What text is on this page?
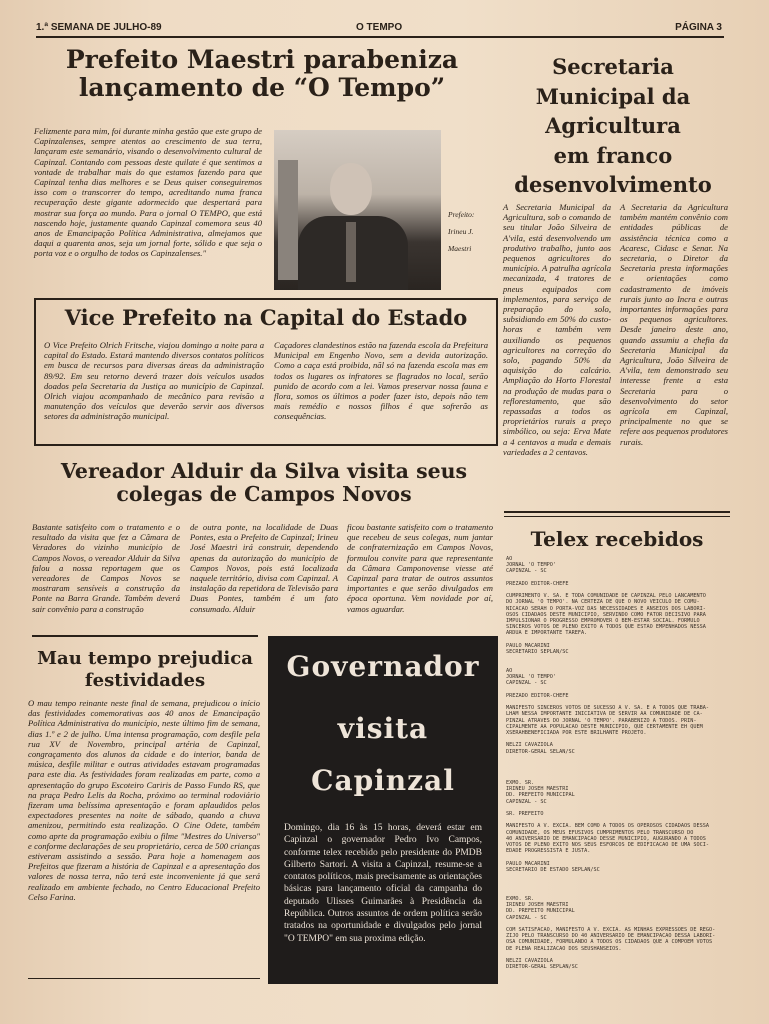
1.ª SEMANA DE JULHO-89	O TEMPO	PÁGINA 3
Prefeito Maestri parabeniza
lançamento de “O Tempo”
Felizmente para mim, foi durante minha gestão que este grupo de Capinzalenses, sempre atentos ao crescimento de sua terra, lançaram este semanário, visando o desenvolvimento cultural de Capinzal. Contando com pessoas deste quilate é que sentimos a vontade de trabalhar mais do que estamos fazendo para que Capinzal tenha dias melhores e se Deus quiser conseguiremos isso com o transcorrer do tempo, acreditando numa franca recuperação deste gigante adormecido que despertará para mostrar sua força ao mundo. Para o jornal O TEMPO, que está nascendo hoje, justamente quando Capinzal comemora seus 40 anos de Emancipação Política Administrativa, almejamos que daqui a quarenta anos, seja um jornal forte, sólido e que seja o porta voz e o orgulho de todos os Capinzalenses."
Prefeito:
Irineu J.
Maestri
Vice Prefeito na Capital do Estado
O Vice Prefeito Olrich Fritsche, viajou domingo a noite para a capital do Estado. Estará mantendo diversos contatos políticos em busca de recursos para diversas áreas da administração 89/92. Em seu retorno deverá trazer dois veículos usados doados pela Secretaria da Justiça ao município de Capinzal. Olrich viajou acompanhado de mecânico para revisão a manutenção dos veículos que deverão servir aos diversos setores da administração municipal.
Caçadores clandestinos estão na fazenda escola da Prefeitura Municipal em Engenho Novo, sem a devida autorização. Como a caça está proibida, nãl só na fazenda escola mas em todos os lugares os infratores se flagrados no local, serão punido de acordo com a lei. Vamos preservar nossa fauna e flora, somos os últimos a poder fazer isto, depois não tem mais remédio e nossos filhos é que sofrerão as consequências.
Secretaria
Municipal da
Agricultura
em franco
desenvolvimento
A Secretaria Municipal da Agricultura, sob o comando de seu titular João Silveira de A'vila, está desenvolvendo um produtivo trabalho, junto aos pequenos agricultores do município. A patrulha agrícola mecanizada, 4 tratores de pneus equipados com implementos, para serviço de preparação do solo, subsidiando em 50% do custo-horas e também vem auxiliando os pequenos agricultores na correção do solo, pagando 50% da aquisição do calcário. Ampliação do Horto Florestal na produção de mudas para o reflorestamento, que são repassadas a todos os proprietários rurais a preço simbólico, ou seja: Erva Mate a 4 centavos a muda e demais variedades a 2 centavos.
A Secretaria da Agricultura também mantém convênio com entidades públicas de assistência técnica como a Acaresc, Cidasc e Senar. Na secretaria, o Diretor da Secretaria presta informações e orientações como cadastramento de imóveis rurais junto ao Incra e outras importantes informações para os pequenos agricultores. Desde janeiro deste ano, quando assumiu a chefia da Secretaria Municipal da Agricultura, João Silveira de A'vila, tem demonstrado seu interesse frente a esta Secretaria para o desenvolvimento do setor agrícola em Capinzal, principalmente no que se refere aos pequenos produtores rurais.
Vereador Alduir da Silva visita seus
colegas de Campos Novos
Bastante satisfeito com o tratamento e o resultado da visita que fez a Câmara de Veradores do vizinho município de Campos Novos, o vereador Alduir da Silva falou a nossa reportagem que os vereadores de Campos Novos se mostraram sensíveis a construção da Ponte na Barra Grande. Também deverá sair convênio para a construção
de outra ponte, na localidade de Duas Pontes, esta o Prefeito de Capinzal; Irineu José Maestri irá construir, dependendo apenas da autorização do município de Campos Novos, pois está localizada naquele território, divisa com Capinzal. A instalação da repetidora de Televisão para Duas Pontes, também é um fato consumado. Alduir
ficou bastante satisfeito com o tratamento que recebeu de seus colegas, num jantar de confraternização em Campos Novos, formulou convite para que representante da Câmara Camponovense viesse até Capinzal para tratar de outros assuntos importantes e que serão divulgados em época oportuna. Vem novidade por aí, vamos aguardar.
Mau tempo prejudica
festividades
O mau tempo reinante neste final de semana, prejudicou o início das festividades comemorativas aos 40 anos de Emancipação Política Administrativa do município, neste último fim de semana, dias 1.º e 2 de julho. Uma intensa programação, com desfile pela rua XV de Novembro, principal artéria de Capinzal, congraçamento dos alunos da cidade e do interior, banda de música, desfile militar e outras atividades estavam programadas para este dia. As festividades foram realizadas em parte, como a apresentação do grupo Escoteiro Cariris de Passo Fundo RS, que na praça Pedro Lelis da Rocha, próximo ao terminal rodoviário fizeram uma belíssima apresentação e foram aplaudidos pelos expectadores presentes na noite de sábado, quando a chuva amenizou, permitindo esta realização. O Cine Odete, também como aprte da programação exibiu o filme "Mestres do Universo" e conforme declarações de seu proprietário, cerca de 500 crianças estiveram assistindo a sessão. Para hoje a homenagem aos Prefeitos que fizeram a história de Capinzal e a apresentação dos valores de nossa terra, não terá este inconveniente já que será realizado em ambiente fechado, no Centro Educacional Prefeito Celso Farina.
Governador
visita
Capinzal
Domingo, dia 16 às 15 horas, deverá estar em Capinzal o governador Pedro Ivo Campos, conforme telex recebido pelo presidente do PMDB Gilberto Sartori. A visita a Capinzal, resume-se a contatos políticos, mais precisamente as orientações básicas para lançamento oficial da campanha do deputado Ulisses Guimarães à Presidência da República. Outros assuntos de ordem política serão tratados na oportunidade e divulgados pelo jornal "O TEMPO" em sua proxima edição.
Telex recebidos
AO
JORNAL 'O TEMPO'
CAPINZAL - SC

PREZADO EDITOR-CHEFE

CUMPRIMENTO V. SA. E TODA COMUNIDADE DE CAPINZAL PELO LANCAMENTO
DO JORNAL 'O TEMPO'. NA CERTEZA DE QUE O NOVO VEICULO DE COMU-
NICACAO SERAH O PORTA-VOZ DAS NECESSIDADES E ANSEIOS DOS LABORI-
OSOS CIDADAOS DESTE MUNICIPIO, SERVINDO COMO FATOR DECISIVO PARA
IMPULSIONAR O PROGRESSO EMPROMOVER O BEM-ESTAR SOCIAL. FORMULO
SINCEROS VOTOS DE PLENO EXITO A TODOS QUE ESTAO EMPENHADOS NESSA
ARDUA E IMPORTANTE TAREFA.

PAULO MACARINI
SECRETARIO SEPLAN/SC
AO
JORNAL 'O TEMPO'
CAPINZAL - SC

PREZADO EDITOR-CHEFE

MANIFESTO SINCEROS VOTOS DE SUCESSO A V. SA. E A TODOS QUE TRABA-
LHAM NESSA IMPORTANTE INICIATIVA DE SERVIR AA COMUNIDADE DE CA-
PINZAL ATRAVES DO JORNAL 'O TEMPO'. PARABENIZO A TODOS. PRIN-
CIPALMENTE AA POPULACAO DESTE MUNICIPIO, QUE CERTAMENTE EH QUEM
XSERAHBENEFICIADA POR ESTE BRILHANTE PROJETO.

NELZI CAVAZIOLA
DIRETOR-GERAL SELAN/SC
EXMO. SR.
IRINEU JOSEH MAESTRI
DD. PREFEITO MUNICIPAL
CAPINZAL - SC

SR. PREFEITO

MANIFESTO A V. EXCIA. BEM COMO A TODOS OS OPEROSOS CIDADAOS DESSA
COMUNIDADE, OS MEUS EFUSIVOS CUMPRIMENTOS PELO TRANSCURSO DO
40 ANIVERSARIO DE EMANCIPACAO DESSE MUNICIPIO, AUGURANDO A TODOS
VOTOS DE PLENO EXITO NOS SEUS ESFORCOS DE EDIFICACAO DE UMA SOCI-
EDADE PROGRESSISTA E JUSTA.

PAULO MACARINI
SECRETARIO DE ESTADO SEPLAN/SC
EXMO. SR.
IRINEU JOSEH MAESTRI
DD. PREFEITO MUNICIPAL
CAPINZAL - SC

COM SATISFACAO, MANIFESTO A V. EXCIA. AS MINHAS EXPRESSOES DE REGO-
ZIJO PELO TRANSCURSO DO 40 ANIVERSARIO DE EMANCIPACAO DESSA LABORI-
OSA COMUNIDADE, FORMULANDO A TODOS OS CIDADAOS QUE A COMPOEM VOTOS
DE PLENA REALIZACAO DOS SEUSHANSEIOS.

NELZI CAVAZIOLA
DIRETOR-GERAL SEPLAN/SC
